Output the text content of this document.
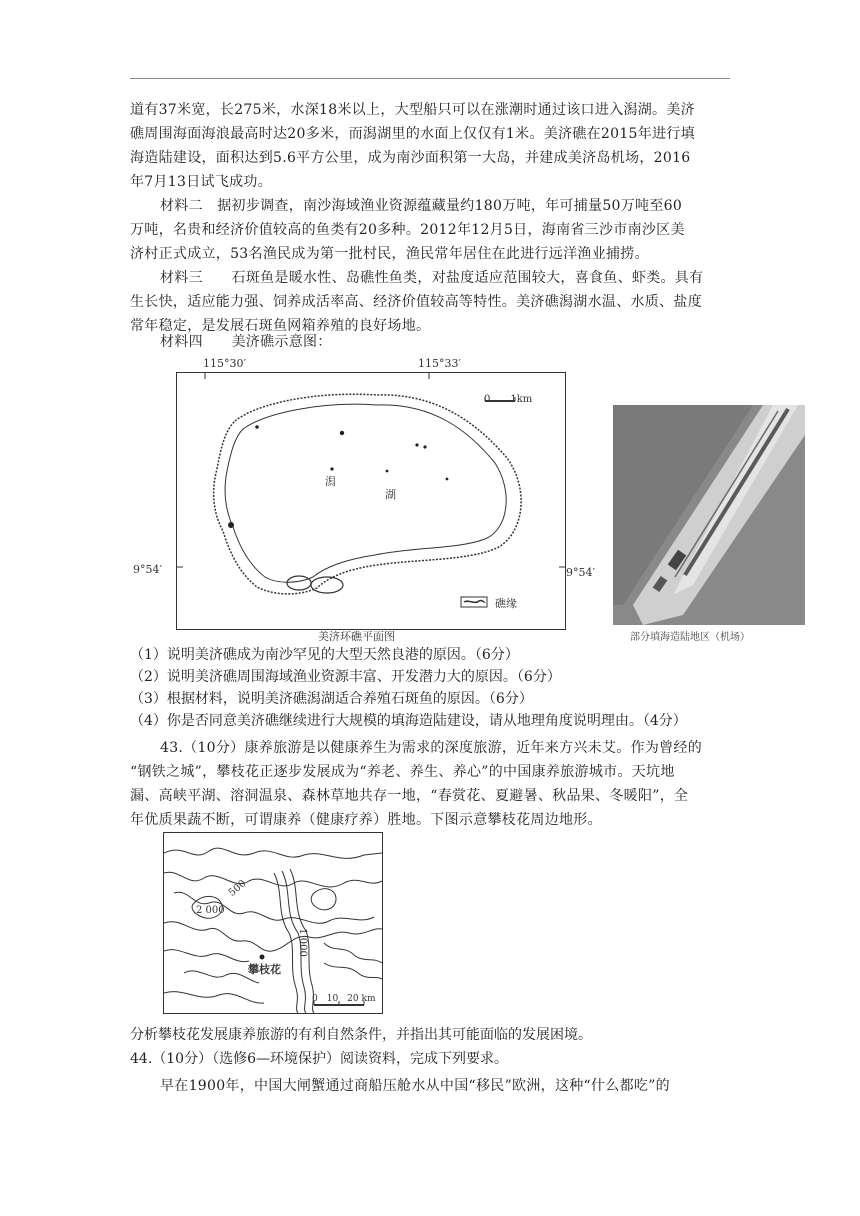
道有37米宽，长275米，水深18米以上，大型船只可以在涨潮时通过该口进入潟湖。美济
礁周围海面海浪最高时达20多米，而潟湖里的水面上仅仅有1米。美济礁在2015年进行填
海造陆建设，面积达到5.6平方公里，成为南沙面积第一大岛，并建成美济岛机场，2016
年7月13日试飞成功。
材料二　据初步调查，南沙海域渔业资源蕴藏量约180万吨，年可捕量50万吨至60
万吨，名贵和经济价值较高的鱼类有20多种。2012年12月5日，海南省三沙市南沙区美
济村正式成立，53名渔民成为第一批村民，渔民常年居住在此进行远洋渔业捕捞。
材料三　　石斑鱼是暖水性、岛礁性鱼类，对盐度适应范围较大，喜食鱼、虾类。具有
生长快，适应能力强、饲养成活率高、经济价值较高等特性。美济礁潟湖水温、水质、盐度
常年稳定，是发展石斑鱼网箱养殖的良好场地。
材料四　　美济礁示意图：
115°30′	115°33′
9°54′	9°54′
0　　1km
潟
湖
礁缘
美济环礁平面图	部分填海造陆地区（机场）
（1）说明美济礁成为南沙罕见的大型天然良港的原因。（6分）
（2）说明美济礁周围海域渔业资源丰富、开发潜力大的原因。（6分）
（3）根据材料，说明美济礁潟湖适合养殖石斑鱼的原因。（6分）
（4）你是否同意美济礁继续进行大规模的填海造陆建设，请从地理角度说明理由。（4分）
43.（10分）康养旅游是以健康养生为需求的深度旅游，近年来方兴未艾。作为曾经的
“钢铁之城”，攀枝花正逐步发展成为“养老、养生、养心”的中国康养旅游城市。天坑地
漏、高峡平湖、溶洞温泉、森林草地共存一地，“春赏花、夏避暑、秋品果、冬暖阳”，全
年优质果蔬不断，可谓康养（健康疗养）胜地。下图示意攀枝花周边地形。
500
2 000
1 000
攀枝花
0　10　20 km
分析攀枝花发展康养旅游的有利自然条件，并指出其可能面临的发展困境。
44.（10分）（选修6—环境保护）阅读资料，完成下列要求。
早在1900年，中国大闸蟹通过商船压舱水从中国“移民”欧洲，这种“什么都吃”的
